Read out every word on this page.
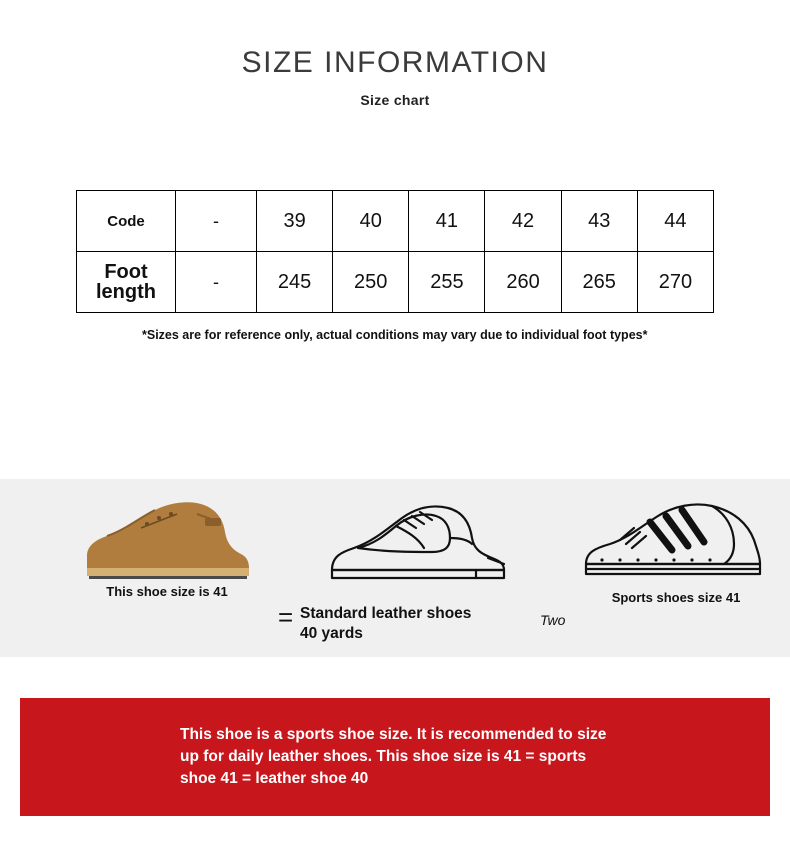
SIZE INFORMATION
Size chart
Code	-	39	40	41	42	43	44

Foot
length	-	245	250	255	260	265	270
*Sizes are for reference only, actual conditions may vary due to individual foot types*
This shoe size is 41
= Standard leather shoes
40 yards
Two
Sports shoes size 41
This shoe is a sports shoe size. It is recommended to size up for daily leather shoes. This shoe size is 41 = sports shoe 41 = leather shoe 40
